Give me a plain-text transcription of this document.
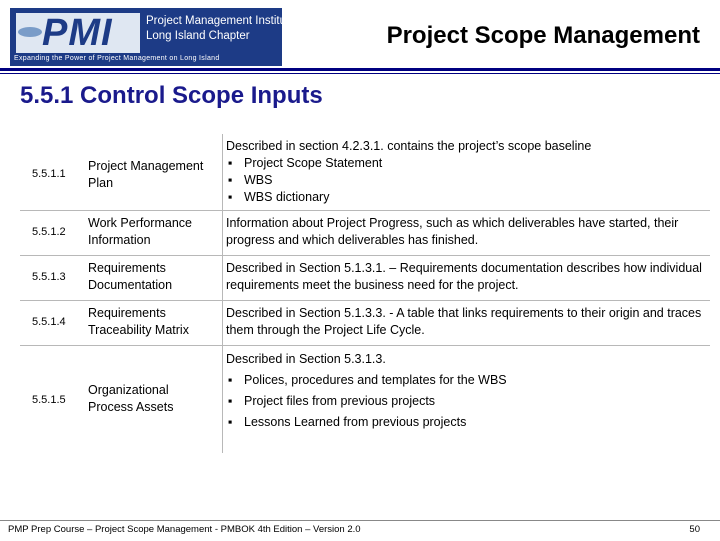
PMI	Project Management Institute
Long Island Chapter
Expanding the Power of Project Management on Long Island
Project Scope Management
5.5.1 Control Scope Inputs
5.5.1.1
Project Management Plan
Described in section 4.2.3.1. contains the project’s scope baseline
▪ Project Scope Statement
▪ WBS
▪ WBS dictionary
5.5.1.2
Work Performance Information
Information about Project Progress, such as which deliverables have started, their progress and which deliverables has finished.
5.5.1.3
Requirements Documentation
Described in Section 5.1.3.1. – Requirements documentation describes how individual requirements meet the business need for the project.
5.5.1.4
Requirements Traceability Matrix
Described in Section 5.1.3.3. - A table that links requirements to their origin and traces them through the Project Life Cycle.
5.5.1.5
Organizational Process Assets
Described in Section 5.3.1.3.
▪ Polices, procedures and templates for the WBS
▪ Project files from previous projects
▪ Lessons Learned from previous projects
PMP Prep Course – Project Scope Management - PMBOK 4th Edition – Version 2.0	50
